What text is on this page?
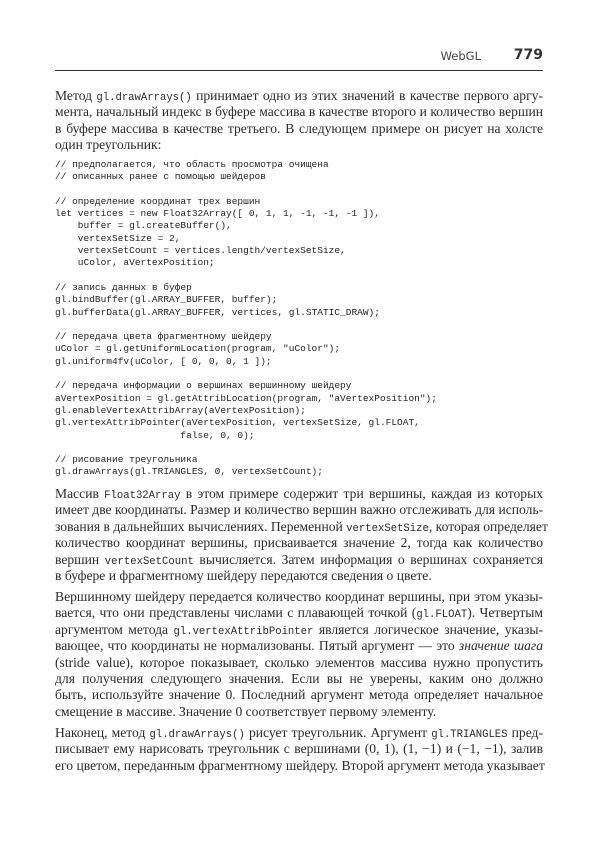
WebGL 779
Метод gl.drawArrays() принимает одно из этих значений в качестве первого аргу-
мента, начальный индекс в буфере массива в качестве второго и количество вершин
в буфере массива в качестве третьего. В следующем примере он рисует на холсте
один треугольник:
// предполагается, что область просмотра очищена
// описанных ранее с помощью шейдеров

// определение координат трех вершин
let vertices = new Float32Array([ 0, 1, 1, -1, -1, -1 ]),
buffer = gl.createBuffer(),
vertexSetSize = 2,
vertexSetCount = vertices.length/vertexSetSize,
uColor, aVertexPosition;

// запись данных в буфер
gl.bindBuffer(gl.ARRAY_BUFFER, buffer);
gl.bufferData(gl.ARRAY_BUFFER, vertices, gl.STATIC_DRAW);

// передача цвета фрагментному шейдеру
uColor = gl.getUniformLocation(program, "uColor");
gl.uniform4fv(uColor, [ 0, 0, 0, 1 ]);

// передача информации о вершинах вершинному шейдеру
aVertexPosition = gl.getAttribLocation(program, "aVertexPosition");
gl.enableVertexAttribArray(aVertexPosition);
gl.vertexAttribPointer(aVertexPosition, vertexSetSize, gl.FLOAT,
false, 0, 0);

// рисование треугольника
gl.drawArrays(gl.TRIANGLES, 0, vertexSetCount);
Массив Float32Array в этом примере содержит три вершины, каждая из которых
имеет две координаты. Размер и количество вершин важно отслеживать для исполь-
зования в дальнейших вычислениях. Переменной vertexSetSize, которая определяет
количество координат вершины, присваивается значение 2, тогда как количество
вершин vertexSetCount вычисляется. Затем информация о вершинах сохраняется
в буфере и фрагментному шейдеру передаются сведения о цвете.
Вершинному шейдеру передается количество координат вершины, при этом указы-
вается, что они представлены числами с плавающей точкой (gl.FLOAT). Четвертым
аргументом метода gl.vertexAttribPointer является логическое значение, указы-
вающее, что координаты не нормализованы. Пятый аргумент — это значение шага
(stride value), которое показывает, сколько элементов массива нужно пропустить
для получения следующего значения. Если вы не уверены, каким оно должно
быть, используйте значение 0. Последний аргумент метода определяет начальное
смещение в массиве. Значение 0 соответствует первому элементу.
Наконец, метод gl.drawArrays() рисует треугольник. Аргумент gl.TRIANGLES пред-
писывает ему нарисовать треугольник с вершинами (0, 1), (1, −1) и (−1, −1), залив
его цветом, переданным фрагментному шейдеру. Второй аргумент метода указывает
